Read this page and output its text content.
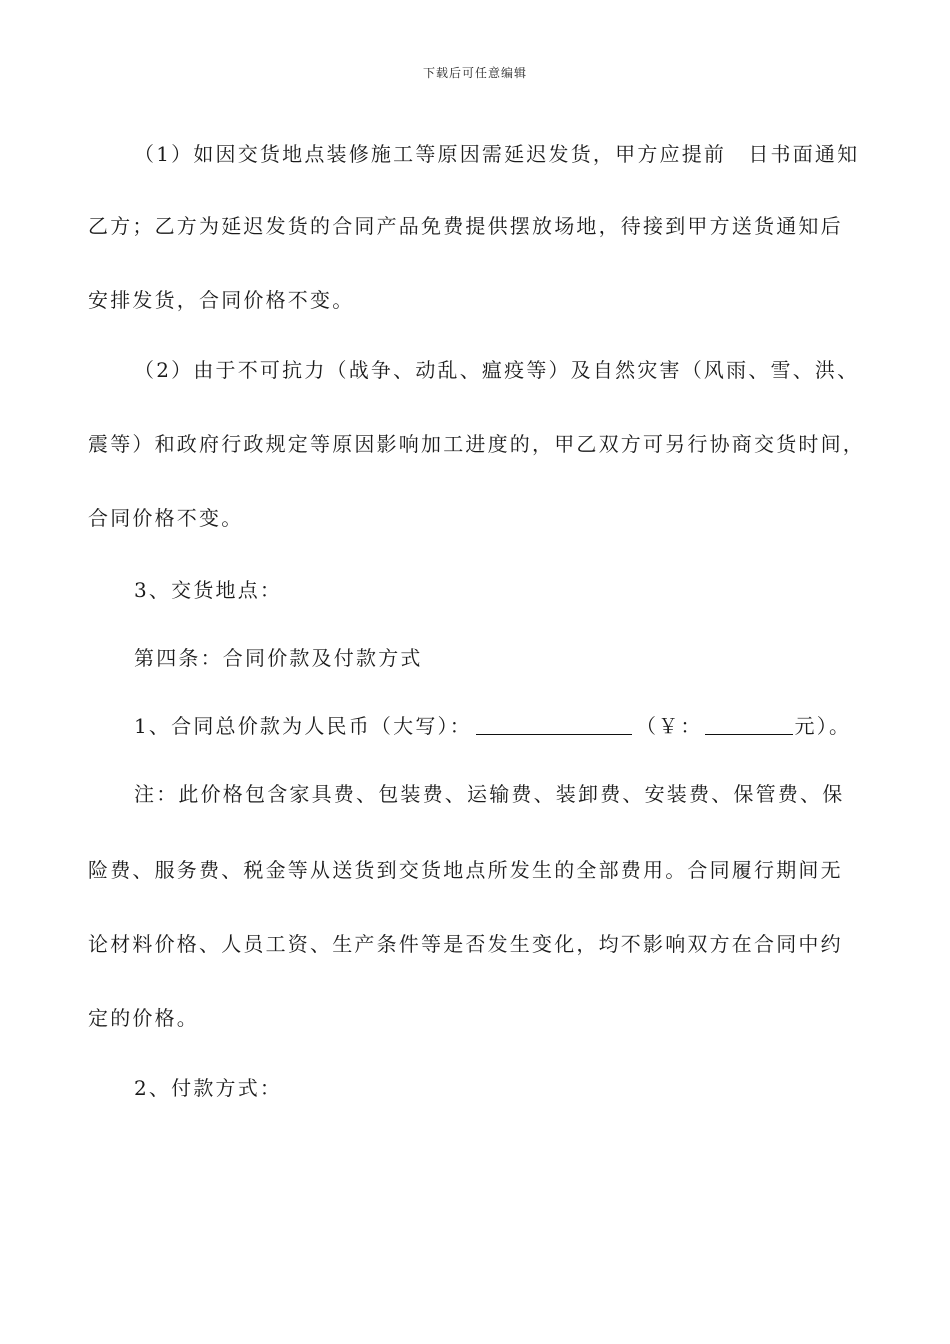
下载后可任意编辑
（1）如因交货地点装修施工等原因需延迟发货，甲方应提前　日书面通知
乙方；乙方为延迟发货的合同产品免费提供摆放场地，待接到甲方送货通知后
安排发货，合同价格不变。
（2）由于不可抗力（战争、动乱、瘟疫等）及自然灾害（风雨、雪、洪、
震等）和政府行政规定等原因影响加工进度的，甲乙双方可另行协商交货时间，
合同价格不变。
3、交货地点：
第四条：合同价款及付款方式
1、合同总价款为人民币（大写）：	（￥：	元）。
注：此价格包含家具费、包装费、运输费、装卸费、安装费、保管费、保
险费、服务费、税金等从送货到交货地点所发生的全部费用。合同履行期间无
论材料价格、人员工资、生产条件等是否发生变化，均不影响双方在合同中约
定的价格。
2、付款方式：
